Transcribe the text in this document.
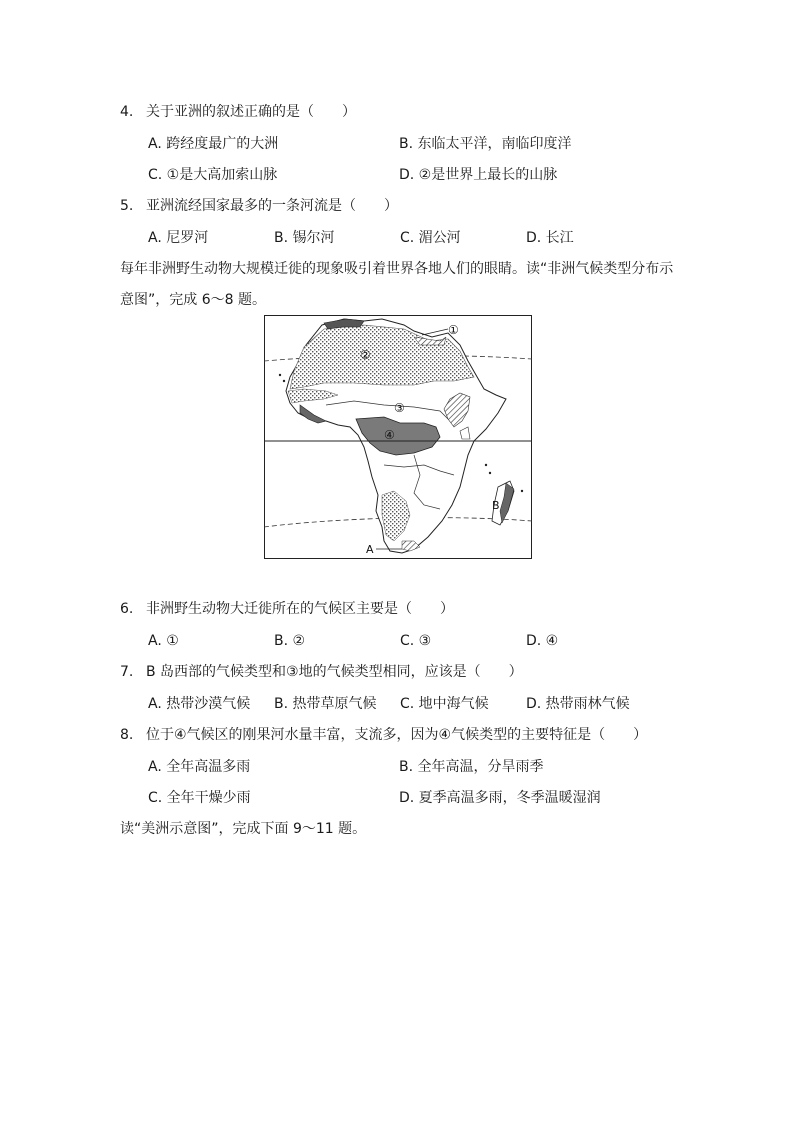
4. 关于亚洲的叙述正确的是（　　）
A. 跨经度最广的大洲	B. 东临太平洋，南临印度洋
C. ①是大高加索山脉	D. ②是世界上最长的山脉
5. 亚洲流经国家最多的一条河流是（　　）
A. 尼罗河	B. 锡尔河	C. 湄公河	D. 长江
每年非洲野生动物大规模迁徙的现象吸引着世界各地人们的眼睛。读“非洲气候类型分布示
意图”，完成 6～8 题。
①
②
③
④
A
B
6. 非洲野生动物大迁徙所在的气候区主要是（　　）
A. ①	B. ②	C. ③	D. ④
7. B 岛西部的气候类型和③地的气候类型相同，应该是（　　）
A. 热带沙漠气候 B. 热带草原气候 C. 地中海气候	D. 热带雨林气候
8. 位于④气候区的刚果河水量丰富，支流多，因为④气候类型的主要特征是（　　）
A. 全年高温多雨	B. 全年高温，分旱雨季
C. 全年干燥少雨	D. 夏季高温多雨，冬季温暖湿润
读“美洲示意图”，完成下面 9～11 题。
